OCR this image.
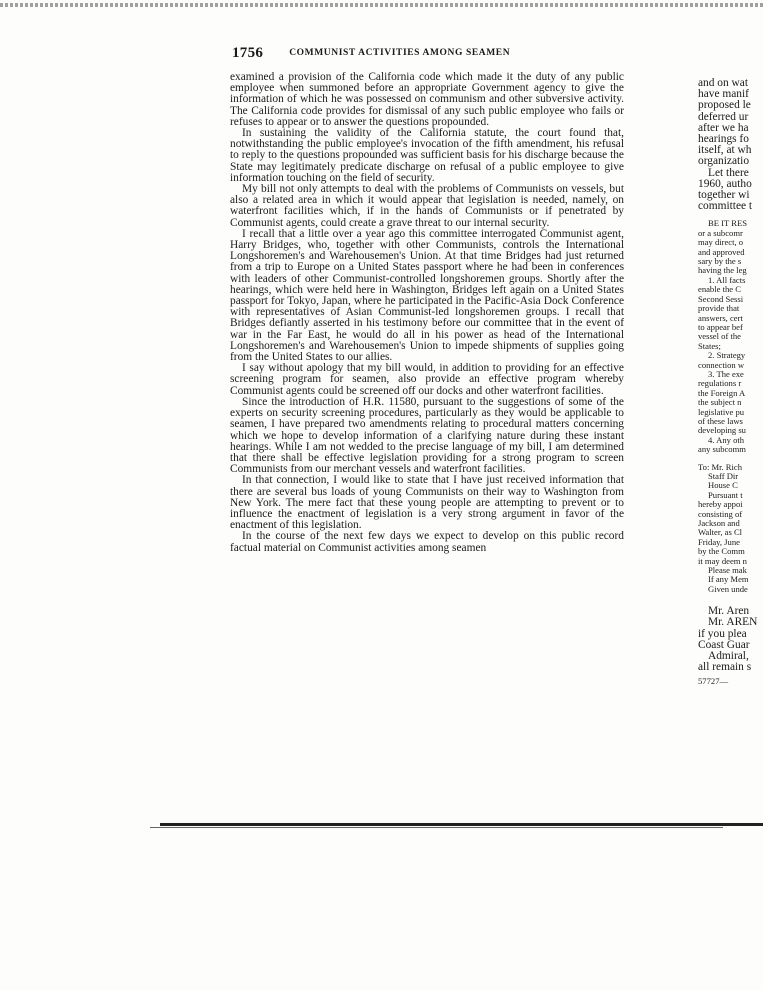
1756	COMMUNIST ACTIVITIES AMONG SEAMEN

examined a provision of the California code which made it the duty of any public employee when summoned before an appropriate Government agency to give the information of which he was possessed on communism and other subversive activity. The California code provides for dismissal of any such public employee who fails or refuses to appear or to answer the questions propounded.

In sustaining the validity of the California statute, the court found that, notwithstanding the public employee's invocation of the fifth amendment, his refusal to reply to the questions propounded was sufficient basis for his discharge because the State may legitimately predicate discharge on refusal of a public employee to give information touching on the field of security.

My bill not only attempts to deal with the problems of Communists on vessels, but also a related area in which it would appear that legislation is needed, namely, on waterfront facilities which, if in the hands of Communists or if penetrated by Communist agents, could create a grave threat to our internal security.

I recall that a little over a year ago this committee interrogated Communist agent, Harry Bridges, who, together with other Communists, controls the International Longshoremen's and Warehousemen's Union. At that time Bridges had just returned from a trip to Europe on a United States passport where he had been in conferences with leaders of other Communist-controlled longshoremen groups. Shortly after the hearings, which were held here in Washington, Bridges left again on a United States passport for Tokyo, Japan, where he participated in the Pacific-Asia Dock Conference with representatives of Asian Communist-led longshoremen groups. I recall that Bridges defiantly asserted in his testimony before our committee that in the event of war in the Far East, he would do all in his power as head of the International Longshoremen's and Warehousemen's Union to impede shipments of supplies going from the United States to our allies.

I say without apology that my bill would, in addition to providing for an effective screening program for seamen, also provide an effective program whereby Communist agents could be screened off our docks and other waterfront facilities.

Since the introduction of H.R. 11580, pursuant to the suggestions of some of the experts on security screening procedures, particularly as they would be applicable to seamen, I have prepared two amendments relating to procedural matters concerning which we hope to develop information of a clarifying nature during these instant hearings. While I am not wedded to the precise language of my bill, I am determined that there shall be effective legislation providing for a strong program to screen Communists from our merchant vessels and waterfront facilities.

In that connection, I would like to state that I have just received information that there are several bus loads of young Communists on their way to Washington from New York. The mere fact that these young people are attempting to prevent or to influence the enactment of legislation is a very strong argument in favor of the enactment of this legislation.

In the course of the next few days we expect to develop on this public record factual material on Communist activities among seamen

and on wat
have manif
proposed le
deferred ur
after we ha
hearings fo
itself, at wh
organizatio
Let there
1960, autho
together wi
committee t
BE IT RES
or a subcomr
may direct, o
and approved
sary by the s
having the leg
1. All facts
enable the C
Second Sessi
provide that
answers, cert
to appear bef
vessel of the
States;
2. Strategy
connection w
3. The exe
regulations r
the Foreign A
the subject n
legislative pu
of these laws
developing su
4. Any oth
any subcomm
To: Mr. Rich
Staff Dir
House C
Pursuant t
hereby appoi
consisting of
Jackson and
Walter, as Cl
Friday, June
by the Comm
it may deem n
Please mak
If any Mem
Given unde
Mr. Aren
Mr. AREN
if you plea
Coast Guar
Admiral,
all remain s
57727—
